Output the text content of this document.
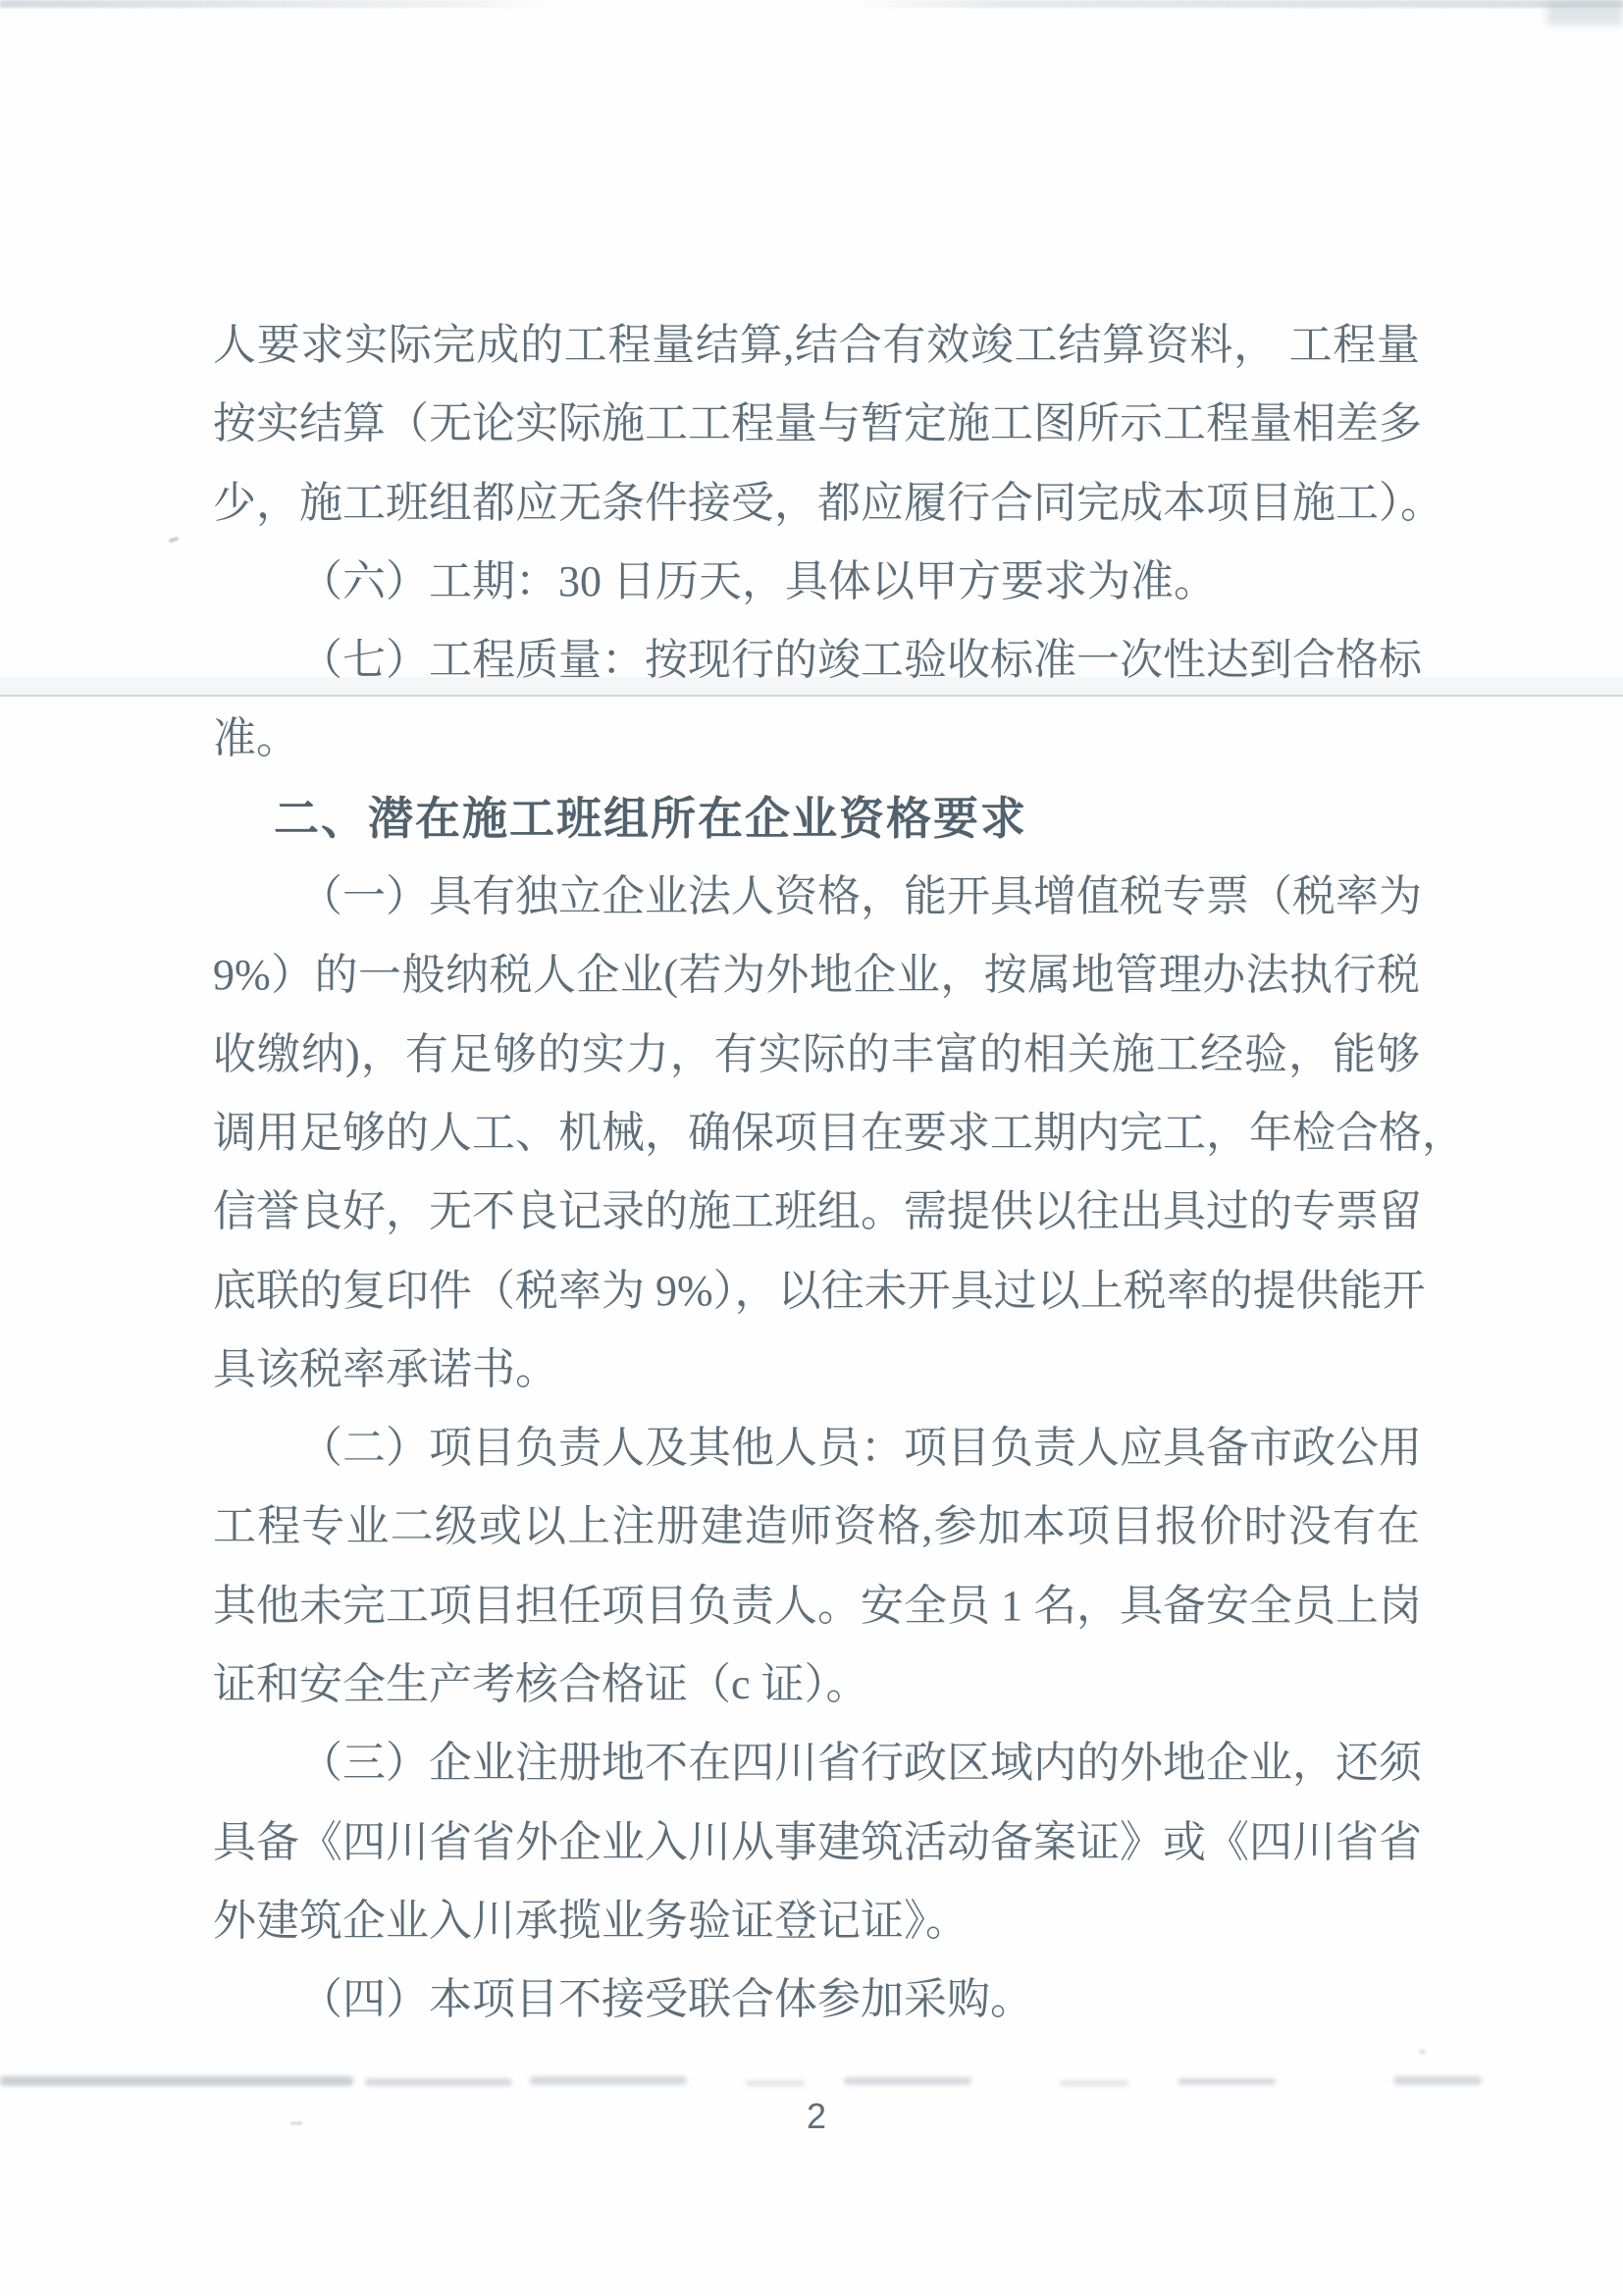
人要求实际完成的工程量结算,结合有效竣工结算资料， 工程量
按实结算（无论实际施工工程量与暂定施工图所示工程量相差多
少，施工班组都应无条件接受，都应履行合同完成本项目施工）。
（六）工期：30 日历天，具体以甲方要求为准。
（七）工程质量：按现行的竣工验收标准一次性达到合格标
准。
二、潜在施工班组所在企业资格要求
（一）具有独立企业法人资格，能开具增值税专票（税率为
9%）的一般纳税人企业(若为外地企业，按属地管理办法执行税
收缴纳)，有足够的实力，有实际的丰富的相关施工经验，能够
调用足够的人工、机械，确保项目在要求工期内完工，年检合格，
信誉良好，无不良记录的施工班组。需提供以往出具过的专票留
底联的复印件（税率为 9%），以往未开具过以上税率的提供能开
具该税率承诺书。
（二）项目负责人及其他人员：项目负责人应具备市政公用
工程专业二级或以上注册建造师资格,参加本项目报价时没有在
其他未完工项目担任项目负责人。安全员 1 名，具备安全员上岗
证和安全生产考核合格证（c 证）。
（三）企业注册地不在四川省行政区域内的外地企业，还须
具备《四川省省外企业入川从事建筑活动备案证》或《四川省省
外建筑企业入川承揽业务验证登记证》。
（四）本项目不接受联合体参加采购。
2
